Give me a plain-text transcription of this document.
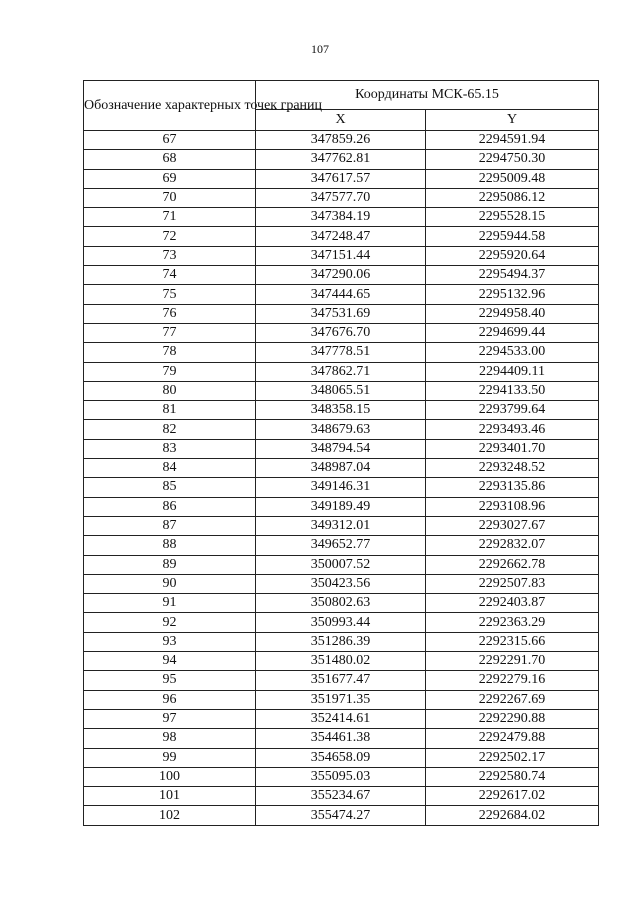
107
Обозначение характерных точек границ	Координаты МСК-65.15	
	X	Y
67	347859.26	2294591.94
68	347762.81	2294750.30
69	347617.57	2295009.48
70	347577.70	2295086.12
71	347384.19	2295528.15
72	347248.47	2295944.58
73	347151.44	2295920.64
74	347290.06	2295494.37
75	347444.65	2295132.96
76	347531.69	2294958.40
77	347676.70	2294699.44
78	347778.51	2294533.00
79	347862.71	2294409.11
80	348065.51	2294133.50
81	348358.15	2293799.64
82	348679.63	2293493.46
83	348794.54	2293401.70
84	348987.04	2293248.52
85	349146.31	2293135.86
86	349189.49	2293108.96
87	349312.01	2293027.67
88	349652.77	2292832.07
89	350007.52	2292662.78
90	350423.56	2292507.83
91	350802.63	2292403.87
92	350993.44	2292363.29
93	351286.39	2292315.66
94	351480.02	2292291.70
95	351677.47	2292279.16
96	351971.35	2292267.69
97	352414.61	2292290.88
98	354461.38	2292479.88
99	354658.09	2292502.17
100	355095.03	2292580.74
101	355234.67	2292617.02
102	355474.27	2292684.02
